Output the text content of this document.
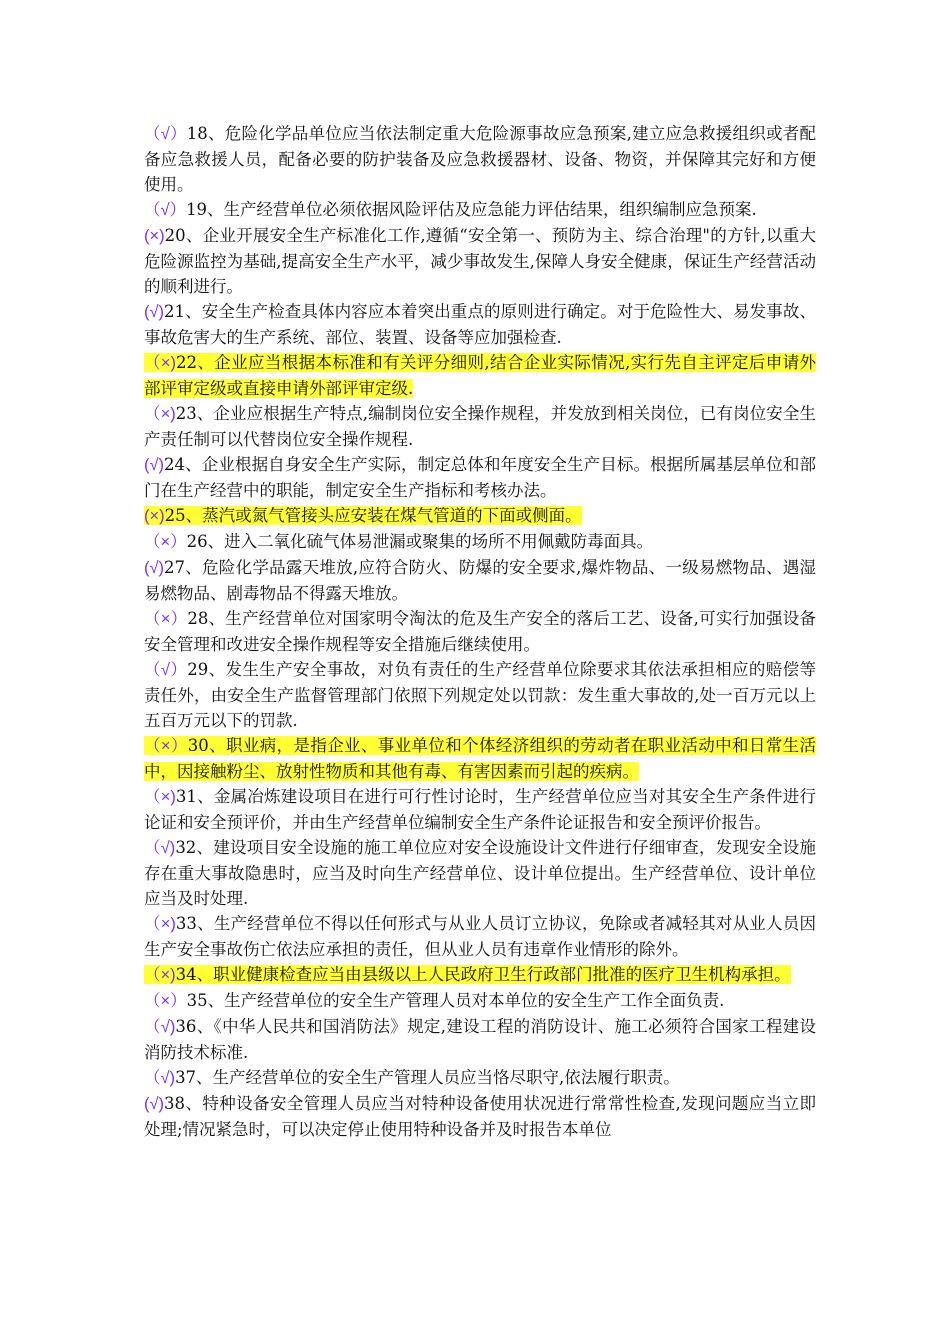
（√）18、危险化学品单位应当依法制定重大危险源事故应急预案,建立应急救援组织或者配备应急救援人员，配备必要的防护装备及应急救援器材、设备、物资，并保障其完好和方便使用。

（√）19、生产经营单位必须依据风险评估及应急能力评估结果，组织编制应急预案.

(×)20、企业开展安全生产标准化工作,遵循“安全第一、预防为主、综合治理"的方针,以重大危险源监控为基础,提高安全生产水平，减少事故发生,保障人身安全健康，保证生产经营活动的顺利进行。

(√)21、安全生产检查具体内容应本着突出重点的原则进行确定。对于危险性大、易发事故、事故危害大的生产系统、部位、装置、设备等应加强检查.

（×)22、企业应当根据本标准和有关评分细则,结合企业实际情况,实行先自主评定后申请外部评审定级或直接申请外部评审定级.

（×)23、企业应根据生产特点,编制岗位安全操作规程，并发放到相关岗位，已有岗位安全生产责任制可以代替岗位安全操作规程.

(√)24、企业根据自身安全生产实际，制定总体和年度安全生产目标。根据所属基层单位和部门在生产经营中的职能，制定安全生产指标和考核办法。

(×)25、蒸汽或氮气管接头应安装在煤气管道的下面或侧面。

（×）26、进入二氧化硫气体易泄漏或聚集的场所不用佩戴防毒面具。

(√)27、危险化学品露天堆放,应符合防火、防爆的安全要求,爆炸物品、一级易燃物品、遇湿易燃物品、剧毒物品不得露天堆放。

（×）28、生产经营单位对国家明令淘汰的危及生产安全的落后工艺、设备,可实行加强设备安全管理和改进安全操作规程等安全措施后继续使用。

（√）29、发生生产安全事故，对负有责任的生产经营单位除要求其依法承担相应的赔偿等责任外，由安全生产监督管理部门依照下列规定处以罚款：发生重大事故的,处一百万元以上五百万元以下的罚款.

（×）30、职业病，是指企业、事业单位和个体经济组织的劳动者在职业活动中和日常生活中，因接触粉尘、放射性物质和其他有毒、有害因素而引起的疾病。

（×)31、金属冶炼建设项目在进行可行性讨论时，生产经营单位应当对其安全生产条件进行论证和安全预评价，并由生产经营单位编制安全生产条件论证报告和安全预评价报告。

（√)32、建设项目安全设施的施工单位应对安全设施设计文件进行仔细审查，发现安全设施存在重大事故隐患时，应当及时向生产经营单位、设计单位提出。生产经营单位、设计单位应当及时处理.

（×)33、生产经营单位不得以任何形式与从业人员订立协议，免除或者减轻其对从业人员因生产安全事故伤亡依法应承担的责任，但从业人员有违章作业情形的除外。

（×)34、职业健康检查应当由县级以上人民政府卫生行政部门批准的医疗卫生机构承担。

（×）35、生产经营单位的安全生产管理人员对本单位的安全生产工作全面负责.

（√)36、《中华人民共和国消防法》规定,建设工程的消防设计、施工必须符合国家工程建设消防技术标准.

（√)37、生产经营单位的安全生产管理人员应当恪尽职守,依法履行职责。

(√)38、特种设备安全管理人员应当对特种设备使用状况进行常常性检查,发现问题应当立即处理;情况紧急时，可以决定停止使用特种设备并及时报告本单位
